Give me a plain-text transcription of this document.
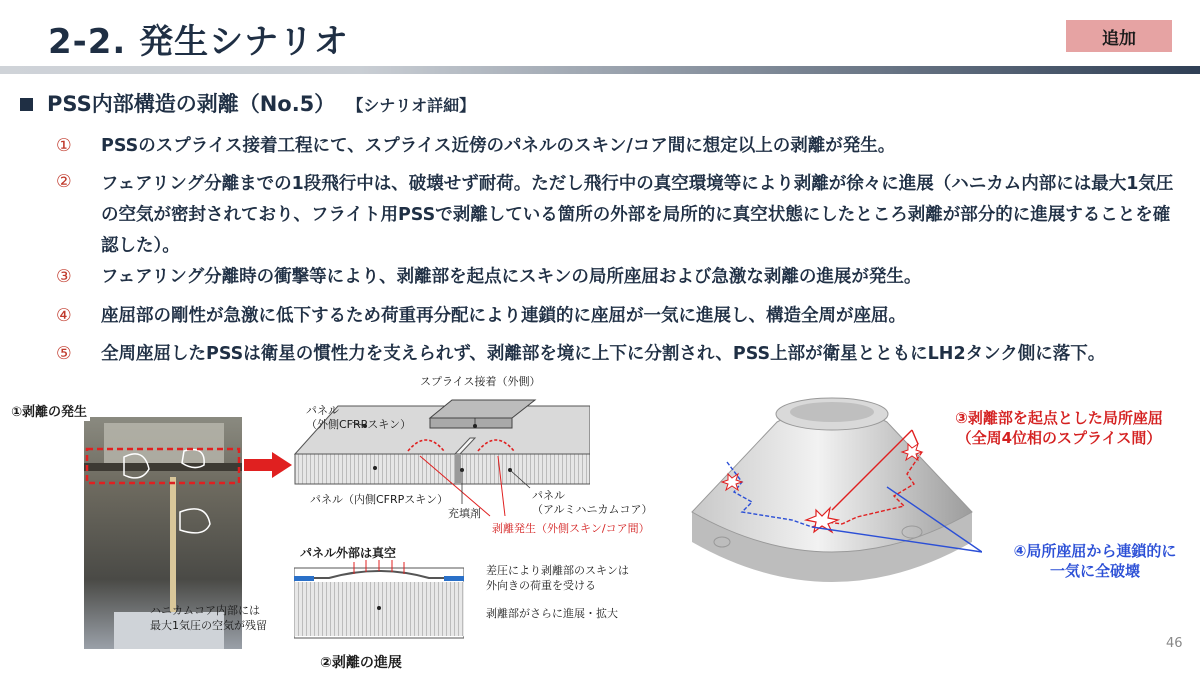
2-2. 発生シナリオ	追加
PSS内部構造の剥離（No.5） 【シナリオ詳細】
①	PSSのスプライス接着工程にて、スプライス近傍のパネルのスキン/コア間に想定以上の剥離が発生。
②	フェアリング分離までの1段飛行中は、破壊せず耐荷。ただし飛行中の真空環境等により剥離が徐々に進展（ハニカム内部には最大1気圧の空気が密封されており、フライト用PSSで剥離している箇所の外部を局所的に真空状態にしたところ剥離が部分的に進展することを確認した）。
③	フェアリング分離時の衝撃等により、剥離部を起点にスキンの局所座屈および急激な剥離の進展が発生。
④	座屈部の剛性が急激に低下するため荷重再分配により連鎖的に座屈が一気に進展し、構造全周が座屈。
⑤	全周座屈したPSSは衛星の慣性力を支えられず、剥離部を境に上下に分割され、PSS上部が衛星とともにLH2タンク側に落下。
①剥離の発生
スプライス接着（外側）
パネル
（外側CFRPスキン）
パネル（内側CFRPスキン）
充填剤
パネル
（アルミハニカムコア）
剥離発生（外側スキン/コア間）
パネル外部は真空
差圧により剥離部のスキンは
外向きの荷重を受ける
剥離部がさらに進展・拡大
ハニカムコア内部には
最大1気圧の空気が残留
②剥離の進展
③剥離部を起点とした局所座屈
（全周4位相のスプライス間）
④局所座屈から連鎖的に
一気に全破壊
46
